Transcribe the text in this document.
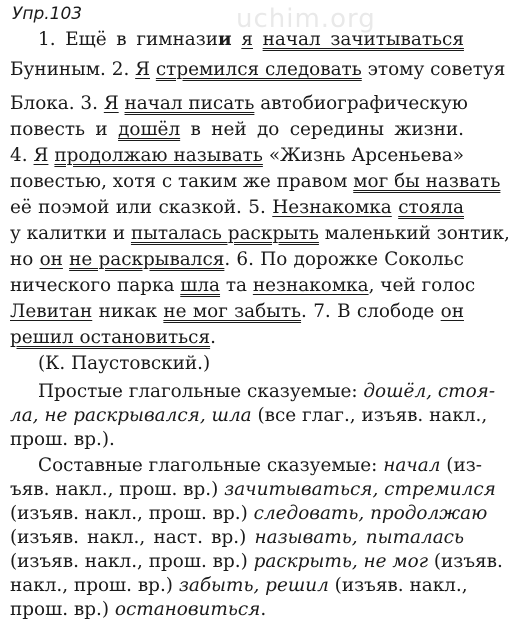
uchim.org
Упр.103
1. Ещё в гимназии я начал зачитываться
Буниным. 2. Я стремился следовать этому советуя
Блока. 3. Я начал писать автобиографическую
повесть и дошёл в ней до середины жизни.
4. Я продолжаю называть «Жизнь Арсеньева»
повестью, хотя с таким же правом мог бы назвать
её поэмой или сказкой. 5. Незнакомка стояла
у калитки и пыталась раскрыть маленький зонтик,
но он не раскрывался. 6. По дорожке Сокольс
нического парка шла та незнакомка, чей голос
Левитан никак не мог забыть. 7. В слободе он
решил остановиться.
(К. Паустовский.)
Простые глагольные сказуемые: дошёл, стоя-
ла, не раскрывался, шла (все глаг., изъяв. накл.,
прош. вр.).
Составные глагольные сказуемые: начал (из-
ъяв. накл., прош. вр.) зачитываться, стремился
(изъяв. накл., прош. вр.) следовать, продолжаю
(изъяв. накл., наст. вр.) называть, пыталась
(изъяв. накл., прош. вр.) раскрыть, не мог (изъяв.
накл., прош. вр.) забыть, решил (изъяв. накл.,
прош. вр.) остановиться.
